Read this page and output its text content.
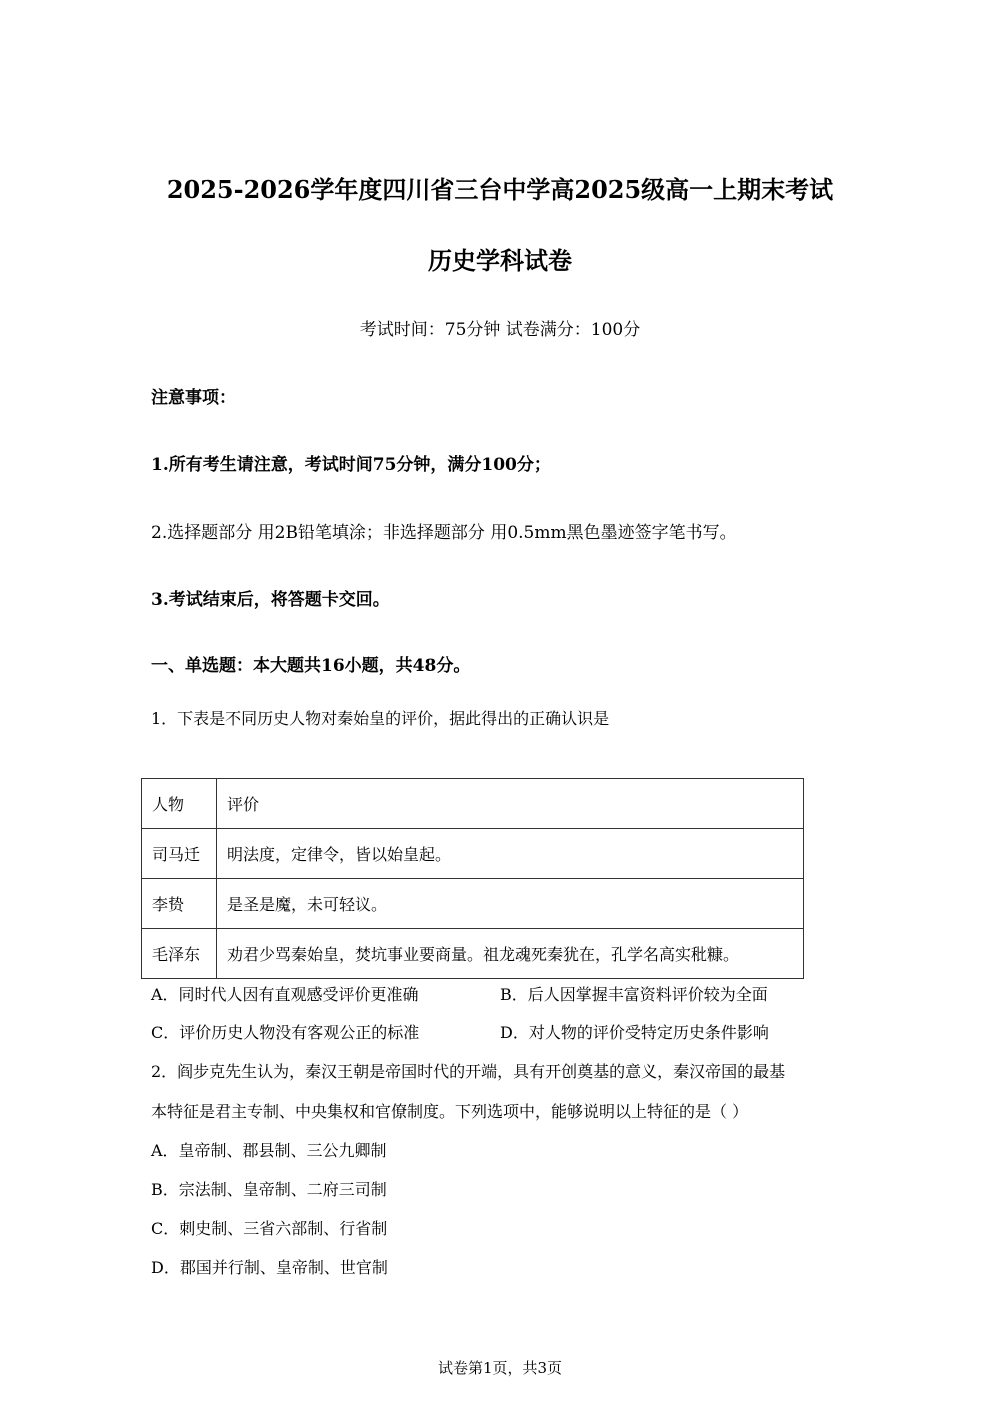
2025-2026学年度四川省三台中学高2025级高一上期末考试
历史学科试卷
考试时间：75分钟 试卷满分：100分
注意事项：
1.所有考生请注意，考试时间75分钟，满分100分；
2.选择题部分 用2B铅笔填涂；非选择题部分 用0.5mm黑色墨迹签字笔书写。
3.考试结束后，将答题卡交回。
一、单选题：本大题共16小题，共48分。
1．下表是不同历史人物对秦始皇的评价，据此得出的正确认识是
人物	评价
司马迁	明法度，定律令，皆以始皇起。
李贽	是圣是魔，未可轻议。
毛泽东	劝君少骂秦始皇，焚坑事业要商量。祖龙魂死秦犹在，孔学名高实秕糠。
A．同时代人因有直观感受评价更准确	B．后人因掌握丰富资料评价较为全面
C．评价历史人物没有客观公正的标准	D．对人物的评价受特定历史条件影响
2．阎步克先生认为，秦汉王朝是帝国时代的开端，具有开创奠基的意义，秦汉帝国的最基
本特征是君主专制、中央集权和官僚制度。下列选项中，能够说明以上特征的是（ ）
A．皇帝制、郡县制、三公九卿制
B．宗法制、皇帝制、二府三司制
C．刺史制、三省六部制、行省制
D．郡国并行制、皇帝制、世官制
试卷第1页，共3页
